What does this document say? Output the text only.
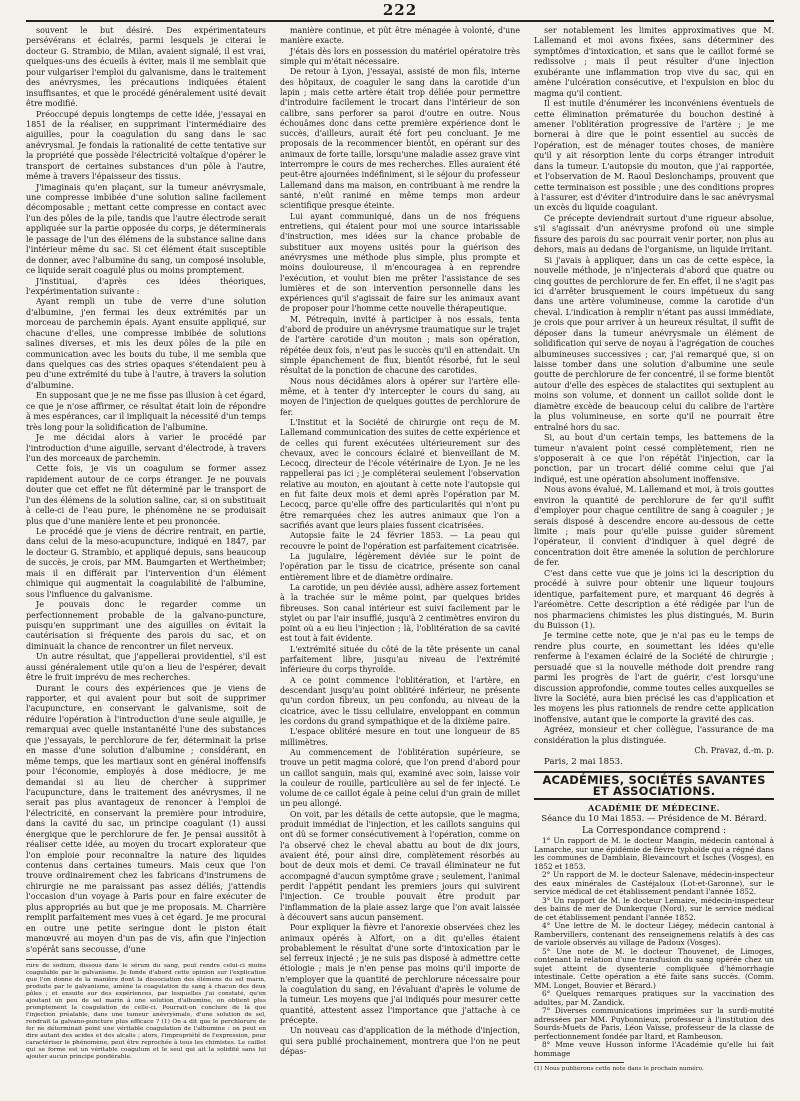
222

souvent le but désiré. Des expérimentateurs persévérans et éclairés, parmi lesquels je citerai le docteur G. Strambio, de Milan, avaient signalé, il est vrai, quelques-uns des écueils à éviter, mais il me semblait que pour vulgariser l'emploi du galvanisme, dans le traitement des anévrysmes, les précautions indiquées étaient insuffisantes, et que le procédé généralement usité devait être modifié.

Préoccupé depuis longtemps de cette idée, j'essayai en 1851 de la réaliser, en supprimant l'intermédiaire des aiguilles, pour la coagulation du sang dans le sac anévrysmal. Je fondais la rationalité de cette tentative sur la propriété que possède l'électricité voltaïque d'opérer le transport de certaines substances d'un pôle à l'autre, même à travers l'épaisseur des tissus.

J'imaginais qu'en plaçant, sur la tumeur anévrysmale, une compresse imbibée d'une solution saline facilement décomposable ; mettant cette compresse en contact avec l'un des pôles de la pile, tandis que l'autre électrode serait appliquée sur la partie opposée du corps, je déterminerais le passage de l'un des élémens de la substance saline dans l'intérieur même du sac. Si cet élément était susceptible de donner, avec l'albumine du sang, un composé insoluble, ce liquide serait coagulé plus ou moins promptement.

J'instituai, d'après ces idées théoriques, l'expérimentation suivante :

Ayant rempli un tube de verre d'une solution d'albumine, j'en fermai les deux extrémités par un morceau de parchemin épais. Ayant ensuite appliqué, sur chacune d'elles, une compresse imbibée de solutions salines diverses, et mis les deux pôles de la pile en communication avec les bouts du tube, il me sembla que dans quelques cas des stries opaques s'étendaient peu à peu d'une extrémité du tube à l'autre, à travers la solution d'albumine.

En supposant que je ne me fisse pas illusion à cet égard, ce que je n'ose affirmer, ce résultat était loin de répondre à mes espérances, car il impliquait la nécessité d'un temps très long pour la solidification de l'albumine.

Je me décidai alors à varier le procédé par l'introduction d'une aiguille, servant d'électrode, à travers l'un des morceaux de parchemin.

Cette fois, je vis un coagulum se former assez rapidement autour de ce corps étranger. Je ne pouvais douter que cet effet ne fût déterminé par le transport de l'un des élémens de la solution saline, car, si on substituait à celle-ci de l'eau pure, le phénomène ne se produisait plus que d'une manière lente et peu prononcée.

Le procédé que je viens de décrire rentrait, en partie, dans celui de la meso-acupuncture, indiqué en 1847, par le docteur G. Strambio, et appliqué depuis, sans beaucoup de succès, je crois, par MM. Baumgarten et Wertheimber; mais il en différait par l'intervention d'un élément chimique qui augmentait la coagulabilité de l'albumine, sous l'influence du galvanisme.

Je pouvais donc le regarder comme un perfectionnement probable de la galvano-puncture, puisqu'en supprimant une des aiguilles on évitait la cautérisation si fréquente des parois du sac, et on diminuait la chance de rencontrer un filet nerveux.

Un autre résultat, que j'appellerai providentiel, s'il est aussi généralement utile qu'on a lieu de l'espérer, devait être le fruit imprévu de mes recherches.

Durant le cours des expériences que je viens de rapporter, et qui avaient pour but soit de supprimer l'acupuncture, en conservant le galvanisme, soit de réduire l'opération à l'introduction d'une seule aiguille, je remarquai avec quelle instantanéité l'une des substances que j'essayais, le perchlorure de fer, déterminait la prise en masse d'une solution d'albumine ; considérant, en même temps, que les martiaux sont en général inoffensifs pour l'économie, employés à dose médiocre, je me demandai si au lieu de chercher à supprimer l'acupuncture, dans le traitement des anévrysmes, il ne serait pas plus avantageux de renoncer à l'emploi de l'électricité, en conservant la première pour introduire, dans la cavité du sac, un principe coagulant (1) aussi énergique que le perchlorure de fer. Je pensai aussitôt à réaliser cette idée, au moyen du trocart explorateur que l'on emploie pour reconnaître la nature des liquides contenus dans certaines tumeurs. Mais ceux que l'on trouve ordinairement chez les fabricans d'instrumens de chirurgie ne me paraissant pas assez déliés, j'attendis l'occasion d'un voyage à Paris pour en faire exécuter de plus appropriés au but que je me proposais. M. Charrière remplit parfaitement mes vues à cet égard. Je me procurai en outre une petite seringue dont le piston était manœuvré au moyen d'un pas de vis, afin que l'injection s'opérât sans secousse, d'une

rure de sodium, dissous dans le sérum du sang, peut rendre celui-ci moins coagulable par le galvanisme. Je fonde d'abord cette opinion sur l'explication que l'on donne de la manière dont la dissociation des élémens du sel marin, produite par le galvanisme, amène la coagulation du sang à chacun des deux pôles ; et ensuite sur des expériences, par lesquelles j'ai constaté, qu'en ajoutant un peu de sel marin à une solution d'albumine, on obtient plus promptement la coagulation de celle-ci. Pourrait-on conclure de là que l'injection préalable, dans une tumeur anévrysmale, d'une solution de sel, rendrait la galvano-puncture plus efficace ? (1) On a dit que le perchlorure de fer ne déterminait point une véritable coagulation de l'albumine : on peut en dire autant des acides et des alcalis ; alors, l'impropriété de l'expression, pour caractériser le phénomène, peut être reprochée à tous les chimistes. Le caillot qui se forme est un véritable coagulum et le seul qui ait la solidité sans lui ajouter aucun principe pondérable.

manière continue, et pût être ménagée à volonté, d'une manière exacte.

J'étais dès lors en possession du matériel opératoire très simple qui m'était nécessaire.

De retour à Lyon, j'essayai, assisté de mon fils, interne des hôpitaux, de coaguler le sang dans la carotide d'un lapin ; mais cette artère était trop déliée pour permettre d'introduire facilement le trocart dans l'intérieur de son calibre, sans perforer sa paroi d'outre en outre. Nous échouâmes donc dans cette première expérience dont le succès, d'ailleurs, aurait été fort peu concluant. Je me proposais de la recommencer bientôt, en opérant sur des animaux de forte taille, lorsqu'une maladie assez grave vint interrompre le cours de mes recherches. Elles auraient été peut-être ajournées indéfiniment, si le séjour du professeur Lallemand dans ma maison, en contribuant à me rendre la santé, n'eût ranimé en même temps mon ardeur scientifique presque éteinte.

Lui ayant communiqué, dans un de nos fréquens entretiens, qui étaient pour moi une source intarissable d'instruction, mes idées sur la chance probable de substituer aux moyens usités pour la guérison des anévrysmes une méthode plus simple, plus prompte et moins douloureuse, il m'encouragea à en reprendre l'exécution, et voulut bien me prêter l'assistance de ses lumières et de son intervention personnelle dans les expériences qu'il s'agissait de faire sur les animaux avant de proposer pour l'homme cette nouvelle thérapeutique.

M. Pétrequin, invité à participer à nos essais, tenta d'abord de produire un anévrysme traumatique sur le trajet de l'artère carotide d'un mouton ; mais son opération, répétée deux fois, n'eut pas le succès qu'il en attendait. Un simple épanchement de flux, bientôt résorbé, fut le seul résultat de la ponction de chacune des carotides.

Nous nous décidâmes alors à opérer sur l'artère elle-même, et à tenter d'y intercepter le cours du sang, au moyen de l'injection de quelques gouttes de perchlorure de fer.

L'Institut et la Société de chirurgie ont reçu de M. Lallemand communication des suites de cette expérience et de celles qui furent exécutées ultérieurement sur des chevaux, avec le concours éclairé et bienveillant de M. Lecocq, directeur de l'école vétérinaire de Lyon. Je ne les rappellerai pas ici ; je compléterai seulement l'observation relative au mouton, en ajoutant à cette note l'autopsie qui en fut faite deux mois et demi après l'opération par M. Lecocq, parce qu'elle offre des particularités qui n'ont pu être remarquées chez les autres animaux que l'on a sacrifiés avant que leurs plaies fussent cicatrisées.

Autopsie faite le 24 février 1853. — La peau qui recouvre le point de l'opération est parfaitement cicatrisée.

La jugulaire, légèrement déviée sur le point de l'opération par le tissu de cicatrice, présente son canal entièrement libre et de diamètre ordinaire.

La carotide, un peu déviée aussi, adhère assez fortement à la trachée sur le même point, par quelques brides fibreuses. Son canal intérieur est suivi facilement par le stylet ou par l'air insufflé, jusqu'à 2 centimètres environ du point où a eu lieu l'injection ; là, l'oblitération de sa cavité est tout à fait évidente.

L'extrémité située du côté de la tête présente un canal parfaitement libre, jusqu'au niveau de l'extrémité inférieure du corps thyroïde.

A ce point commence l'oblitération, et l'artère, en descendant jusqu'au point oblitéré inférieur, ne présente qu'un cordon fibreux, un peu confondu, au niveau de la cicatrice, avec le tissu cellulaire, enveloppant en commun les cordons du grand sympathique et de la dixième paire.

L'espace oblitéré mesure en tout une longueur de 85 millimètres.

Au commencement de l'oblitération supérieure, se trouve un petit magma coloré, que l'on prend d'abord pour un caillot sanguin, mais qui, examiné avec soin, laisse voir la couleur de rouille, particulière au sel de fer injecté. Le volume de ce caillot égale à peine celui d'un grain de millet un peu allongé.

On voit, par les détails de cette autopsie, que le magma, produit immédiat de l'injection, et les caillots sanguins qui ont dû se former consécutivement à l'opération, comme on l'a observé chez le cheval abattu au bout de dix jours, avaient été, pour ainsi dire, complètement résorbés au bout de deux mois et demi. Ce travail éliminateur ne fut accompagné d'aucun symptôme grave ; seulement, l'animal perdit l'appétit pendant les premiers jours qui suivirent l'injection. Ce trouble pouvait être produit par l'inflammation de la plaie assez large que l'on avait laissée à découvert sans aucun pansement.

Pour expliquer la fièvre et l'anorexie observées chez les animaux opérés à Alfort, on a dit qu'elles étaient probablement le résultat d'une sorte d'intoxication par le sel ferreux injecté ; je ne suis pas disposé à admettre cette étiologie ; mais je n'en pense pas moins qu'il importe de n'employer que la quantité de perchlorure nécessaire pour la coagulation du sang, en l'évaluant d'après le volume de la tumeur. Les moyens que j'ai indiqués pour mesurer cette quantité, attestent assez l'importance que j'attache à ce précepte.

Un nouveau cas d'application de la méthode d'injection, qui sera publié prochainement, montrera que l'on ne peut dépas-

ser notablement les limites approximatives que M. Lallemand et moi avons fixées, sans déterminer des symptômes d'intoxication, et sans que le caillot formé se redissolve ; mais il peut résulter d'une injection exubérante une inflammation trop vive du sac, qui en amène l'ulcération consécutive, et l'expulsion en bloc du magma qu'il contient.

Il est inutile d'énumérer les inconvéniens éventuels de cette élimination prématurée du bouchon destiné à amener l'oblitération progressive de l'artère ; je me bornerai à dire que le point essentiel au succès de l'opération, est de ménager toutes choses, de manière qu'il y ait résorption lente du corps étranger introduit dans la tumeur. L'autopsie du mouton, que j'ai rapportée, et l'observation de M. Raoul Deslonchamps, prouvent que cette terminaison est possible ; une des conditions propres à l'assurer, est d'éviter d'introduire dans le sac anévrysmal un excès du liquide coagulant.

Ce précepte deviendrait surtout d'une rigueur absolue, s'il s'agissait d'un anévrysme profond où une simple fissure des parois du sac pourrait venir porter, non plus au dehors, mais au dedans de l'organisme, un liquide irritant.

Si j'avais à appliquer, dans un cas de cette espèce, la nouvelle méthode, je n'injecterais d'abord que quatre ou cinq gouttes de perchlorure de fer. En effet, il ne s'agit pas ici d'arrêter brusquement le cours impétueux du sang dans une artère volumineuse, comme la carotide d'un cheval. L'indication à remplir n'étant pas aussi immédiate, je crois que pour arriver à un heureux résultat, il suffit de déposer dans la tumeur anévrysmale un élément de solidification qui serve de noyau à l'agrégation de couches albumineuses successives ; car, j'ai remarqué que, si on laisse tomber dans une solution d'albumine une seule goutte de perchlorure de fer concentré, il se forme bientôt autour d'elle des espèces de stalactites qui sextuplent au moins son volume, et donnent un caillot solide dont le diamètre excède de beaucoup celui du calibre de l'artère la plus volumineuse, en sorte qu'il ne pourrait être entraîné hors du sac.

Si, au bout d'un certain temps, les battemens de la tumeur n'avaient point cessé complètement, rien ne s'opposerait à ce que l'on répétât l'injection, car la ponction, par un trocart délié comme celui que j'ai indiqué, est une opération absolument inoffensive.

Nous avons évalué, M. Lallemand et moi, à trois gouttes environ la quantité de perchlorure de fer qu'il suffit d'employer pour chaque centilitre de sang à coaguler ; je serais disposé à descendre encore au-dessous de cette limite ; mais pour qu'elle puisse guider sûrement l'opérateur, il convient d'indiquer à quel degré de concentration doit être amenée la solution de perchlorure de fer.

C'est dans cette vue que je joins ici la description du procédé à suivre pour obtenir une liqueur toujours identique, parfaitement pure, et marquant 46 degrés à l'aréomètre. Cette description a été rédigée par l'un de nos pharmaciens chimistes les plus distingués, M. Burin du Buisson (1).

Je termine cette note, que je n'ai pas eu le temps de rendre plus courte, en soumettant les idées qu'elle renferme à l'examen éclairé de la Société de chirurgie ; persuadé que si la nouvelle méthode doit prendre rang parmi les progrès de l'art de guérir, c'est lorsqu'une discussion approfondie, comme toutes celles auxquelles se livre la Société, aura bien précisé les cas d'application et les moyens les plus rationnels de rendre cette application inoffensive, autant que le comporte la gravité des cas.

Agréez, monsieur et cher collègue, l'assurance de ma considération la plus distinguée.

Ch. Pravaz, d.-m. p.

Paris, 2 mai 1853.

ACADÉMIES, SOCIÉTÉS SAVANTES ET ASSOCIATIONS.
ACADÉMIE DE MÉDECINE.
Séance du 10 Mai 1853. — Présidence de M. Bérard.
La Correspondance comprend :

1° Un rapport de M. le docteur Mangin, médecin cantonal à Lamarche, sur une épidémie de fièvre typhoïde qui a régné dans les communes de Damblain, Blevaincourt et Isches (Vosges), en 1852 et 1853.

2° Un rapport de M. le docteur Salenave, médecin-inspecteur des eaux minérales de Castéjaloux (Lot-et-Garonne), sur le service médical de cet établissement pendant l'année 1852.

3° Un rapport de M. le docteur Lemaire, médecin-inspecteur des bains de mer de Dunkerque (Nord), sur le service médical de cet établissement pendant l'année 1852.

4° Une lettre de M. le docteur Liégey, médecin cantonal à Rambervillers, contenant des renseignemens relatifs à des cas de variole observés au village de Padoux (Vosges).

5° Une note de M. le docteur Thouvenet, de Limoges, contenant la relation d'une transfusion du sang opérée chez un sujet atteint de dysenterie compliquée d'hémorrhagie intestinale. Cette opération a été faite sans succès. (Comm. MM. Longet, Bouvier et Bérard.)

6° Quelques remarques pratiques sur la vaccination des adultes, par M. Zandick.

7° Diverses communications imprimées sur la surdi-mutité adressées par MM. Puybonnieux, professeur à l'institution des Sourds-Muets de Paris, Léon Vaïsse, professeur de la classe de perfectionnement fondée par Itard, et Rambeuson.

8° Mme veuve Husson informe l'Académie qu'elle lui fait hommage

(1) Nous publierons cette note dans le prochain numéro.
